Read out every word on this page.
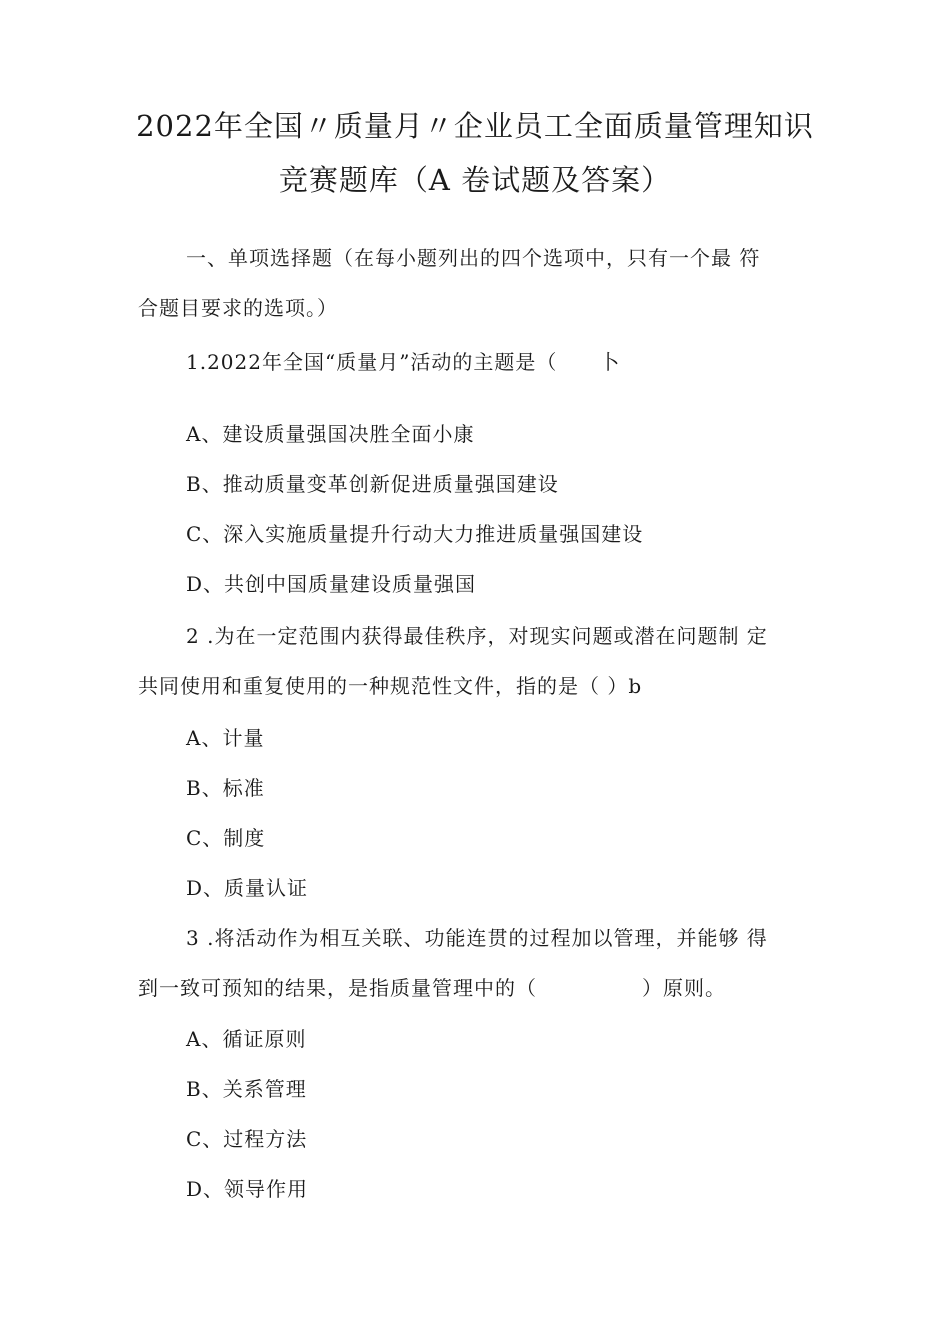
2022年全国〃质量月〃企业员工全面质量管理知识
竞赛题库（A 卷试题及答案）
一、单项选择题（在每小题列出的四个选项中，只有一个最 符
合题目要求的选项。）
1.2022年全国“质量月”活动的主题是（　　卜
A、建设质量强国决胜全面小康
B、推动质量变革创新促进质量强国建设
C、深入实施质量提升行动大力推进质量强国建设
D、共创中国质量建设质量强国
2 .为在一定范围内获得最佳秩序，对现实问题或潜在问题制 定
共同使用和重复使用的一种规范性文件，指的是（ ）b
A、计量
B、标准
C、制度
D、质量认证
3 .将活动作为相互关联、功能连贯的过程加以管理，并能够 得
到一致可预知的结果，是指质量管理中的（　　　　　）原则。
A、循证原则
B、关系管理
C、过程方法
D、领导作用
